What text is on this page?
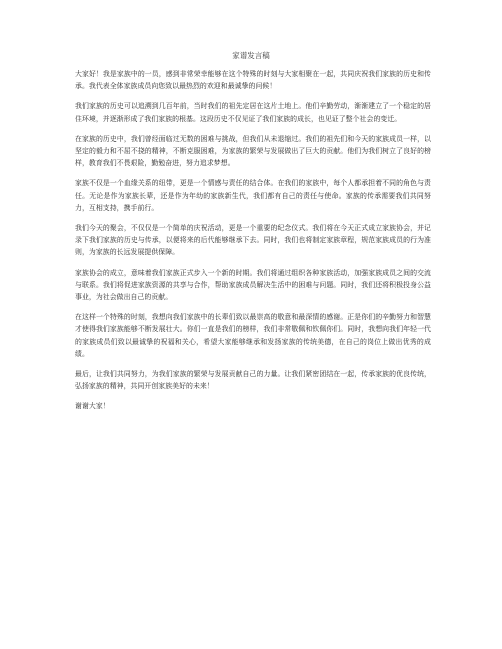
家谱发言稿

大家好！我是家族中的一员，感到非常荣幸能够在这个特殊的时刻与大家相聚在一起，共同庆祝我们家族的历史和传承。我代表全体家族成员向您致以最热烈的欢迎和最诚挚的问候！

我们家族的历史可以追溯到几百年前，当时我们的祖先定居在这片土地上。他们辛勤劳动，渐渐建立了一个稳定的居住环境，并逐渐形成了我们家族的根基。这段历史不仅见证了我们家族的成长，也见证了整个社会的变迁。

在家族的历史中，我们曾经面临过无数的困难与挑战，但我们从未退缩过。我们的祖先们和今天的家族成员一样，以坚定的毅力和不屈不挠的精神，不断克服困难，为家族的繁荣与发展做出了巨大的贡献。他们为我们树立了良好的榜样，教育我们不畏艰险，勤勉奋进，努力追求梦想。

家族不仅是一个血缘关系的纽带，更是一个情感与责任的结合体。在我们的家族中，每个人都承担着不同的角色与责任。无论是作为家族长辈，还是作为年幼的家族新生代，我们都有自己的责任与使命。家族的传承需要我们共同努力，互相支持，携手前行。

我们今天的聚会，不仅仅是一个简单的庆祝活动，更是一个重要的纪念仪式。我们将在今天正式成立家族协会，并记录下我们家族的历史与传承，以便将来的后代能够继承下去。同时，我们也将制定家族章程，规范家族成员的行为准则，为家族的长远发展提供保障。

家族协会的成立，意味着我们家族正式步入一个新的时期。我们将通过组织各种家族活动，加强家族成员之间的交流与联系。我们将促进家族资源的共享与合作，帮助家族成员解决生活中的困难与问题。同时，我们还将积极投身公益事业，为社会做出自己的贡献。

在这样一个特殊的时刻，我想向我们家族中的长辈们致以最崇高的敬意和最深情的感谢。正是你们的辛勤努力和智慧才使得我们家族能够不断发展壮大。你们一直是我们的榜样，我们非常敬佩和钦佩你们。同时，我想向我们年轻一代的家族成员们致以最诚挚的祝福和关心，希望大家能够继承和发扬家族的传统美德，在自己的岗位上做出优秀的成绩。

最后，让我们共同努力，为我们家族的繁荣与发展贡献自己的力量。让我们紧密团结在一起，传承家族的优良传统，弘扬家族的精神，共同开创家族美好的未来！

谢谢大家！
